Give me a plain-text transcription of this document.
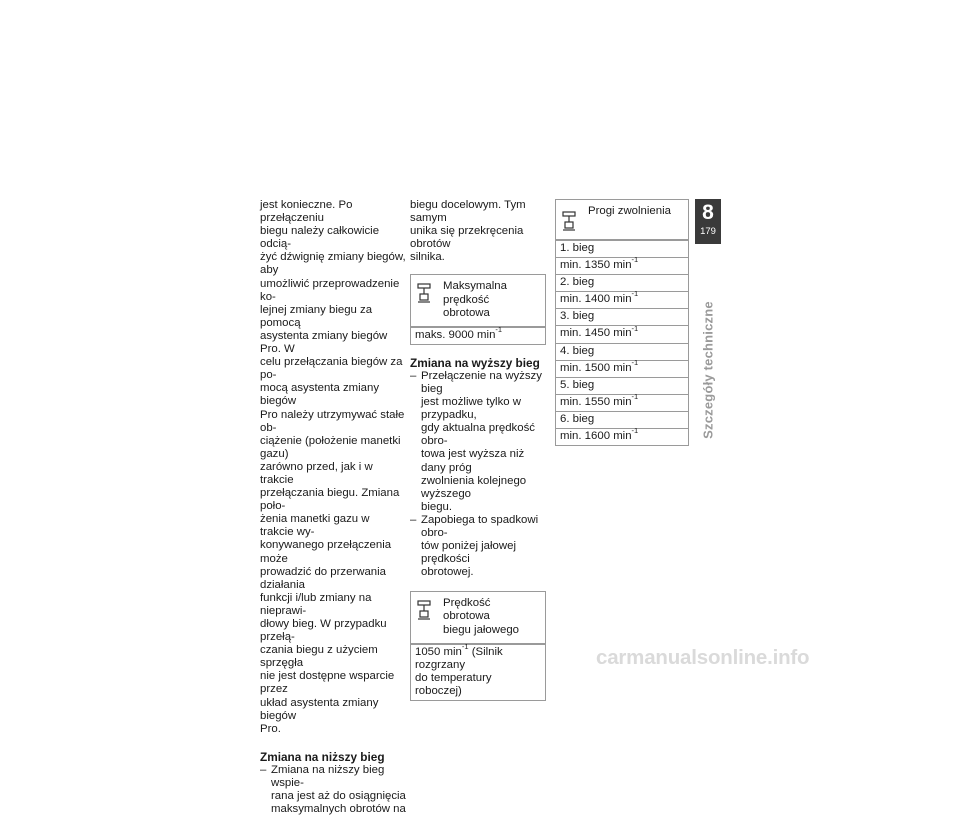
jest konieczne. Po przełączeniu
biegu należy całkowicie odcią-
żyć dźwignię zmiany biegów, aby
umożliwić przeprowadzenie ko-
lejnej zmiany biegu za pomocą
asystenta zmiany biegów Pro. W
celu przełączania biegów za po-
mocą asystenta zmiany biegów
Pro należy utrzymywać stałe ob-
ciążenie (położenie manetki gazu)
zarówno przed, jak i w trakcie
przełączania biegu. Zmiana poło-
żenia manetki gazu w trakcie wy-
konywanego przełączenia może
prowadzić do przerwania działania
funkcji i/lub zmiany na nieprawi-
dłowy bieg. W przypadku przełą-
czania biegu z użyciem sprzęgła
nie jest dostępne wsparcie przez
układ asystenta zmiany biegów
Pro.

Zmiana na niższy bieg
– Zmiana na niższy bieg wspie-
rana jest aż do osiągnięcia
maksymalnych obrotów na

biegu docelowym. Tym samym
unika się przekręcenia obrotów
silnika.

Maksymalna prędkość
obrotowa
maks. 9000 $\min^{-1}$
Zmiana na wyższy bieg
– Przełączenie na wyższy bieg
jest możliwe tylko w przypadku,
gdy aktualna prędkość obro-
towa jest wyższa niż dany próg
zwolnienia kolejnego wyższego
biegu.
– Zapobiega to spadkowi obro-
tów poniżej jałowej prędkości
obrotowej.
Prędkość obrotowa
biegu jałowego
1050 $\min^{-1}$ (Silnik rozgrzany
do temperatury roboczej)
Progi zwolnienia
1. bieg
min. 1350 $\min^{-1}$
2. bieg
min. 1400 $\min^{-1}$
3. bieg
min. 1450 $\min^{-1}$
4. bieg
min. 1500 $\min^{-1}$
5. bieg
min. 1550 $\min^{-1}$
6. bieg
min. 1600 $\min^{-1}$
8
179
Szczegóły techniczne
carmanualsonline.info
